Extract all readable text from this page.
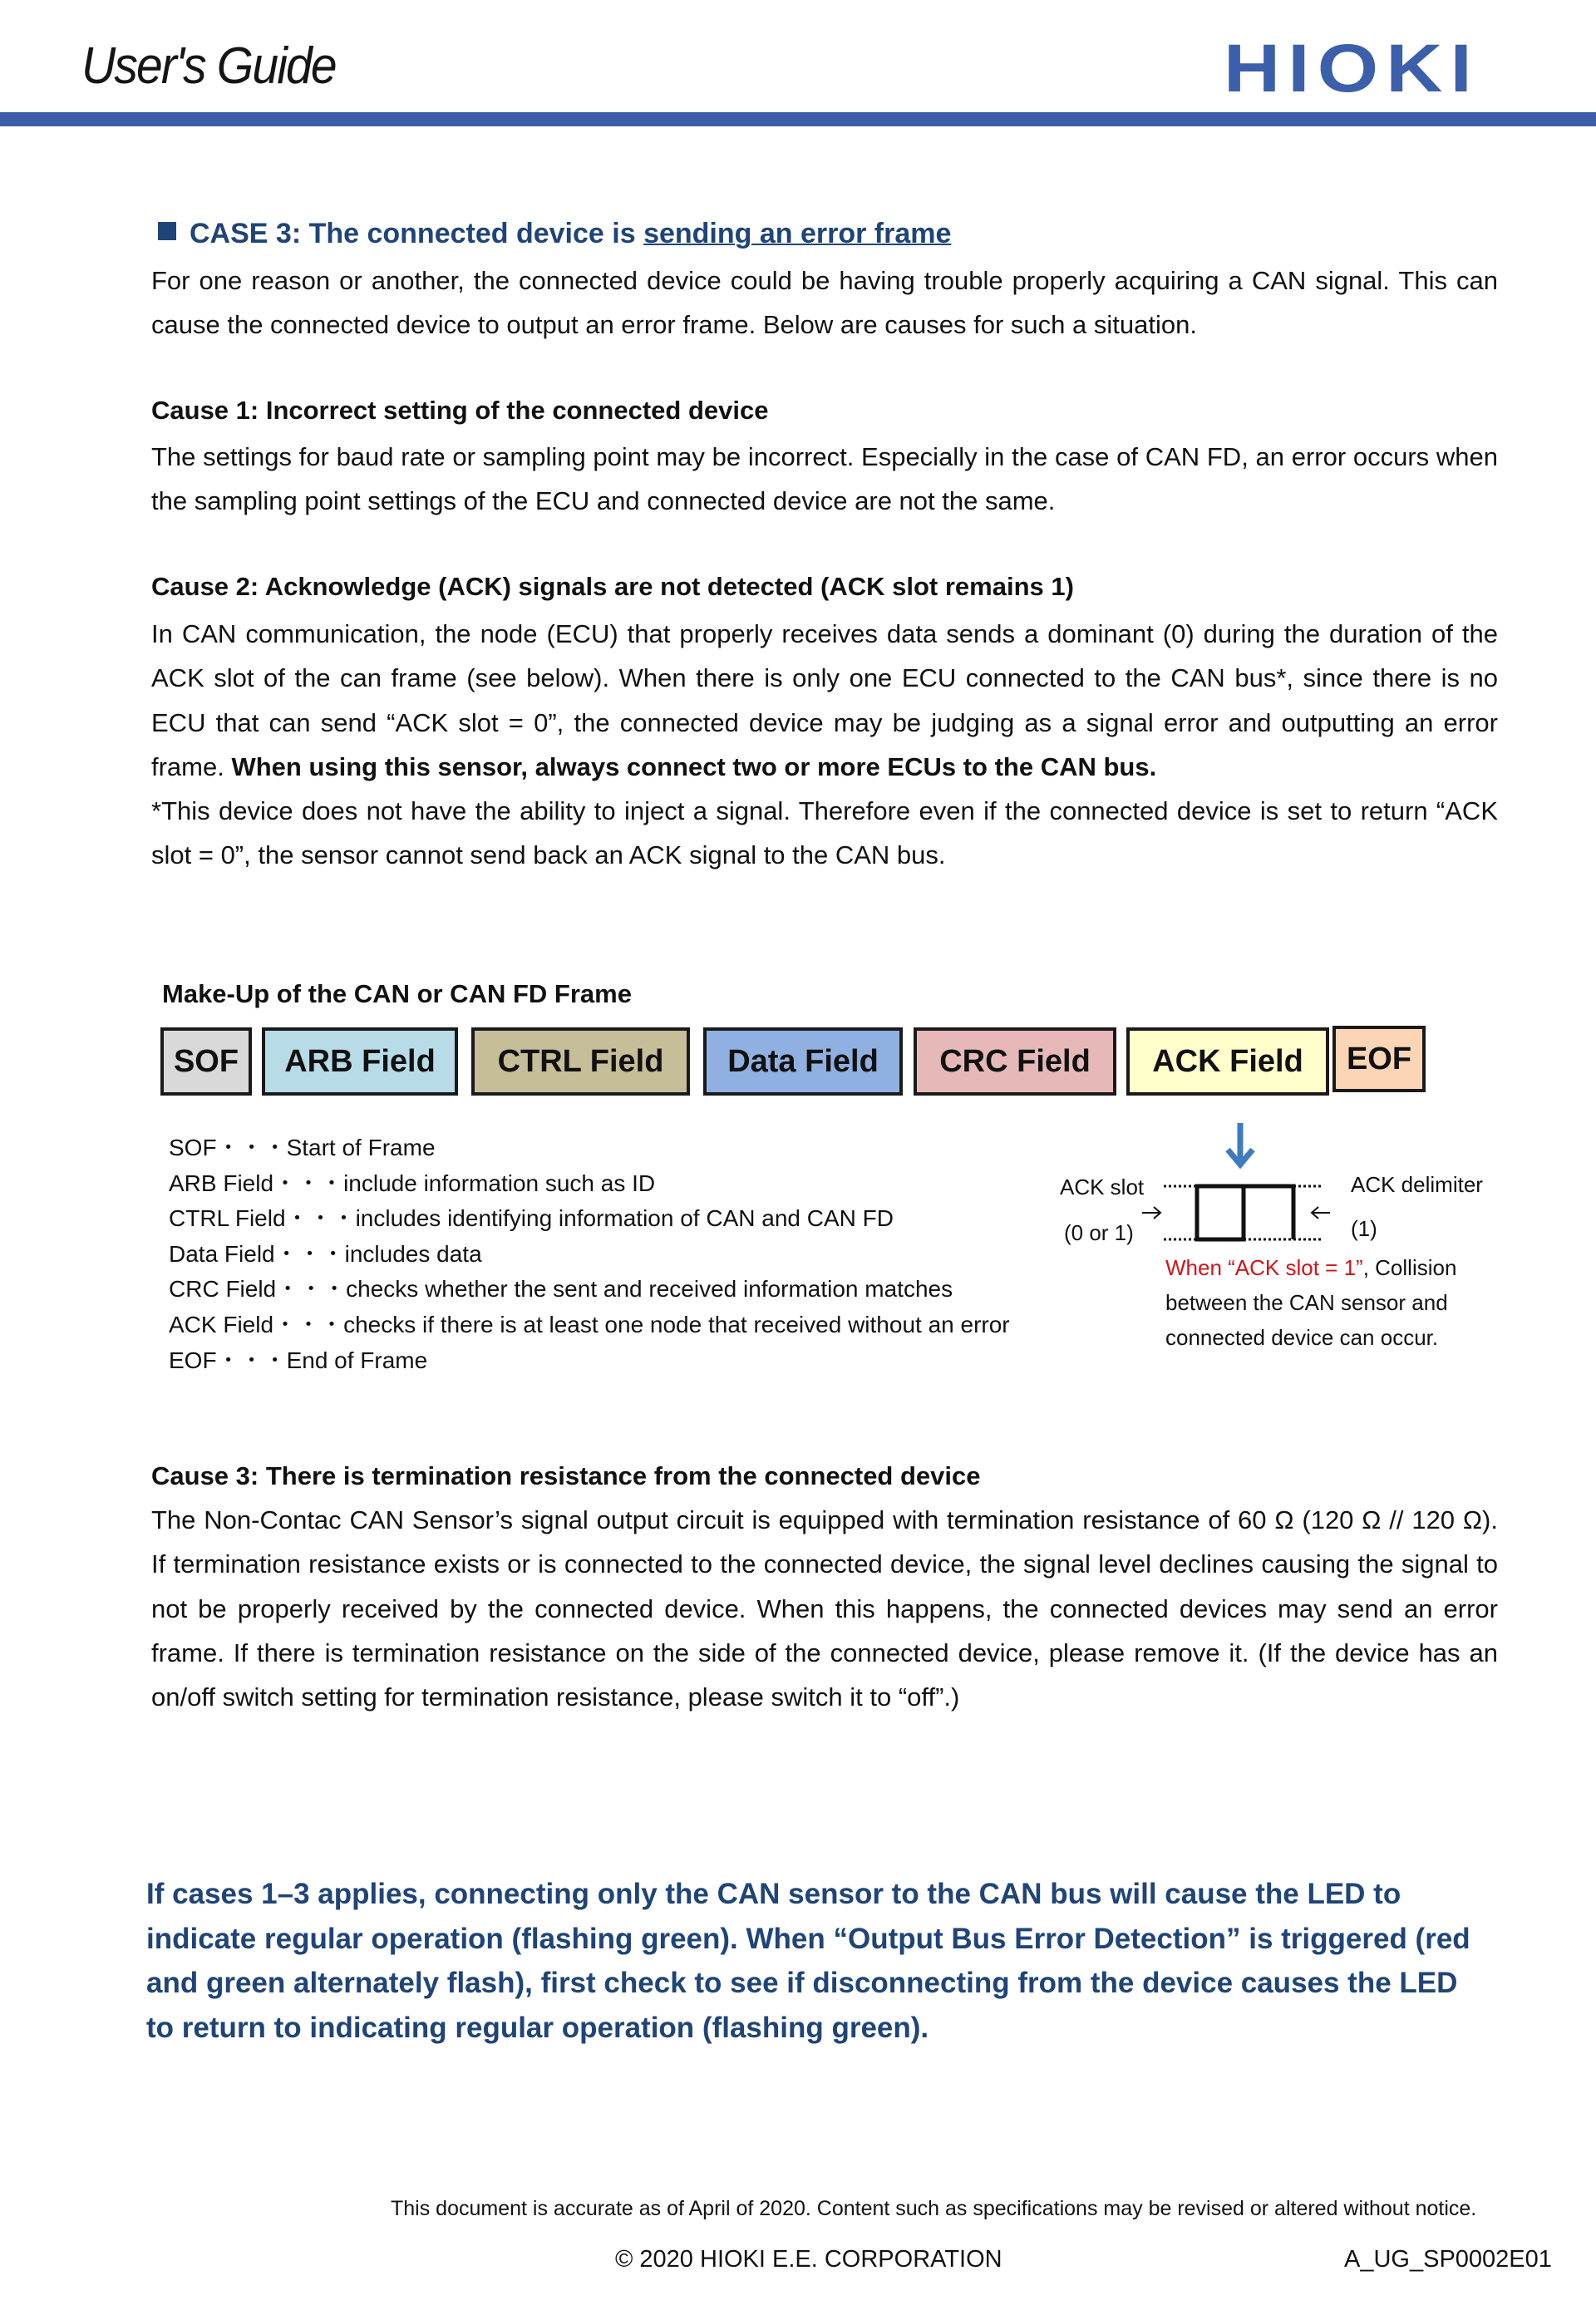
User's Guide	HIOKI
CASE 3: The connected device is sending an error frame
For one reason or another, the connected device could be having trouble properly acquiring a CAN signal. This can cause the connected device to output an error frame. Below are causes for such a situation.
Cause 1: Incorrect setting of the connected device
The settings for baud rate or sampling point may be incorrect. Especially in the case of CAN FD, an error occurs when the sampling point settings of the ECU and connected device are not the same.
Cause 2: Acknowledge (ACK) signals are not detected (ACK slot remains 1)
In CAN communication, the node (ECU) that properly receives data sends a dominant (0) during the duration of the ACK slot of the can frame (see below). When there is only one ECU connected to the CAN bus*, since there is no ECU that can send “ACK slot = 0”, the connected device may be judging as a signal error and outputting an error frame. When using this sensor, always connect two or more ECUs to the CAN bus.
*This device does not have the ability to inject a signal. Therefore even if the connected device is set to return “ACK slot = 0”, the sensor cannot send back an ACK signal to the CAN bus.
Make-Up of the CAN or CAN FD Frame
SOF ARB Field CTRL Field Data Field CRC Field ACK Field EOF
SOF・・・Start of Frame
ARB Field・・・include information such as ID
CTRL Field・・・includes identifying information of CAN and CAN FD
Data Field・・・includes data
CRC Field・・・checks whether the sent and received information matches
ACK Field・・・checks if there is at least one node that received without an error
EOF・・・End of Frame
ACK slot
(0 or 1)
ACK delimiter
(1)
When “ACK slot = 1”, Collision
between the CAN sensor and
connected device can occur.
Cause 3: There is termination resistance from the connected device
The Non-Contac CAN Sensor’s signal output circuit is equipped with termination resistance of 60 Ω (120 Ω // 120 Ω). If termination resistance exists or is connected to the connected device, the signal level declines causing the signal to not be properly received by the connected device. When this happens, the connected devices may send an error frame. If there is termination resistance on the side of the connected device, please remove it. (If the device has an on/off switch setting for termination resistance, please switch it to “off”.)
If cases 1–3 applies, connecting only the CAN sensor to the CAN bus will cause the LED to indicate regular operation (flashing green). When “Output Bus Error Detection” is triggered (red and green alternately flash), first check to see if disconnecting from the device causes the LED to return to indicating regular operation (flashing green).
This document is accurate as of April of 2020. Content such as specifications may be revised or altered without notice.
© 2020 HIOKI E.E. CORPORATION	A_UG_SP0002E01
